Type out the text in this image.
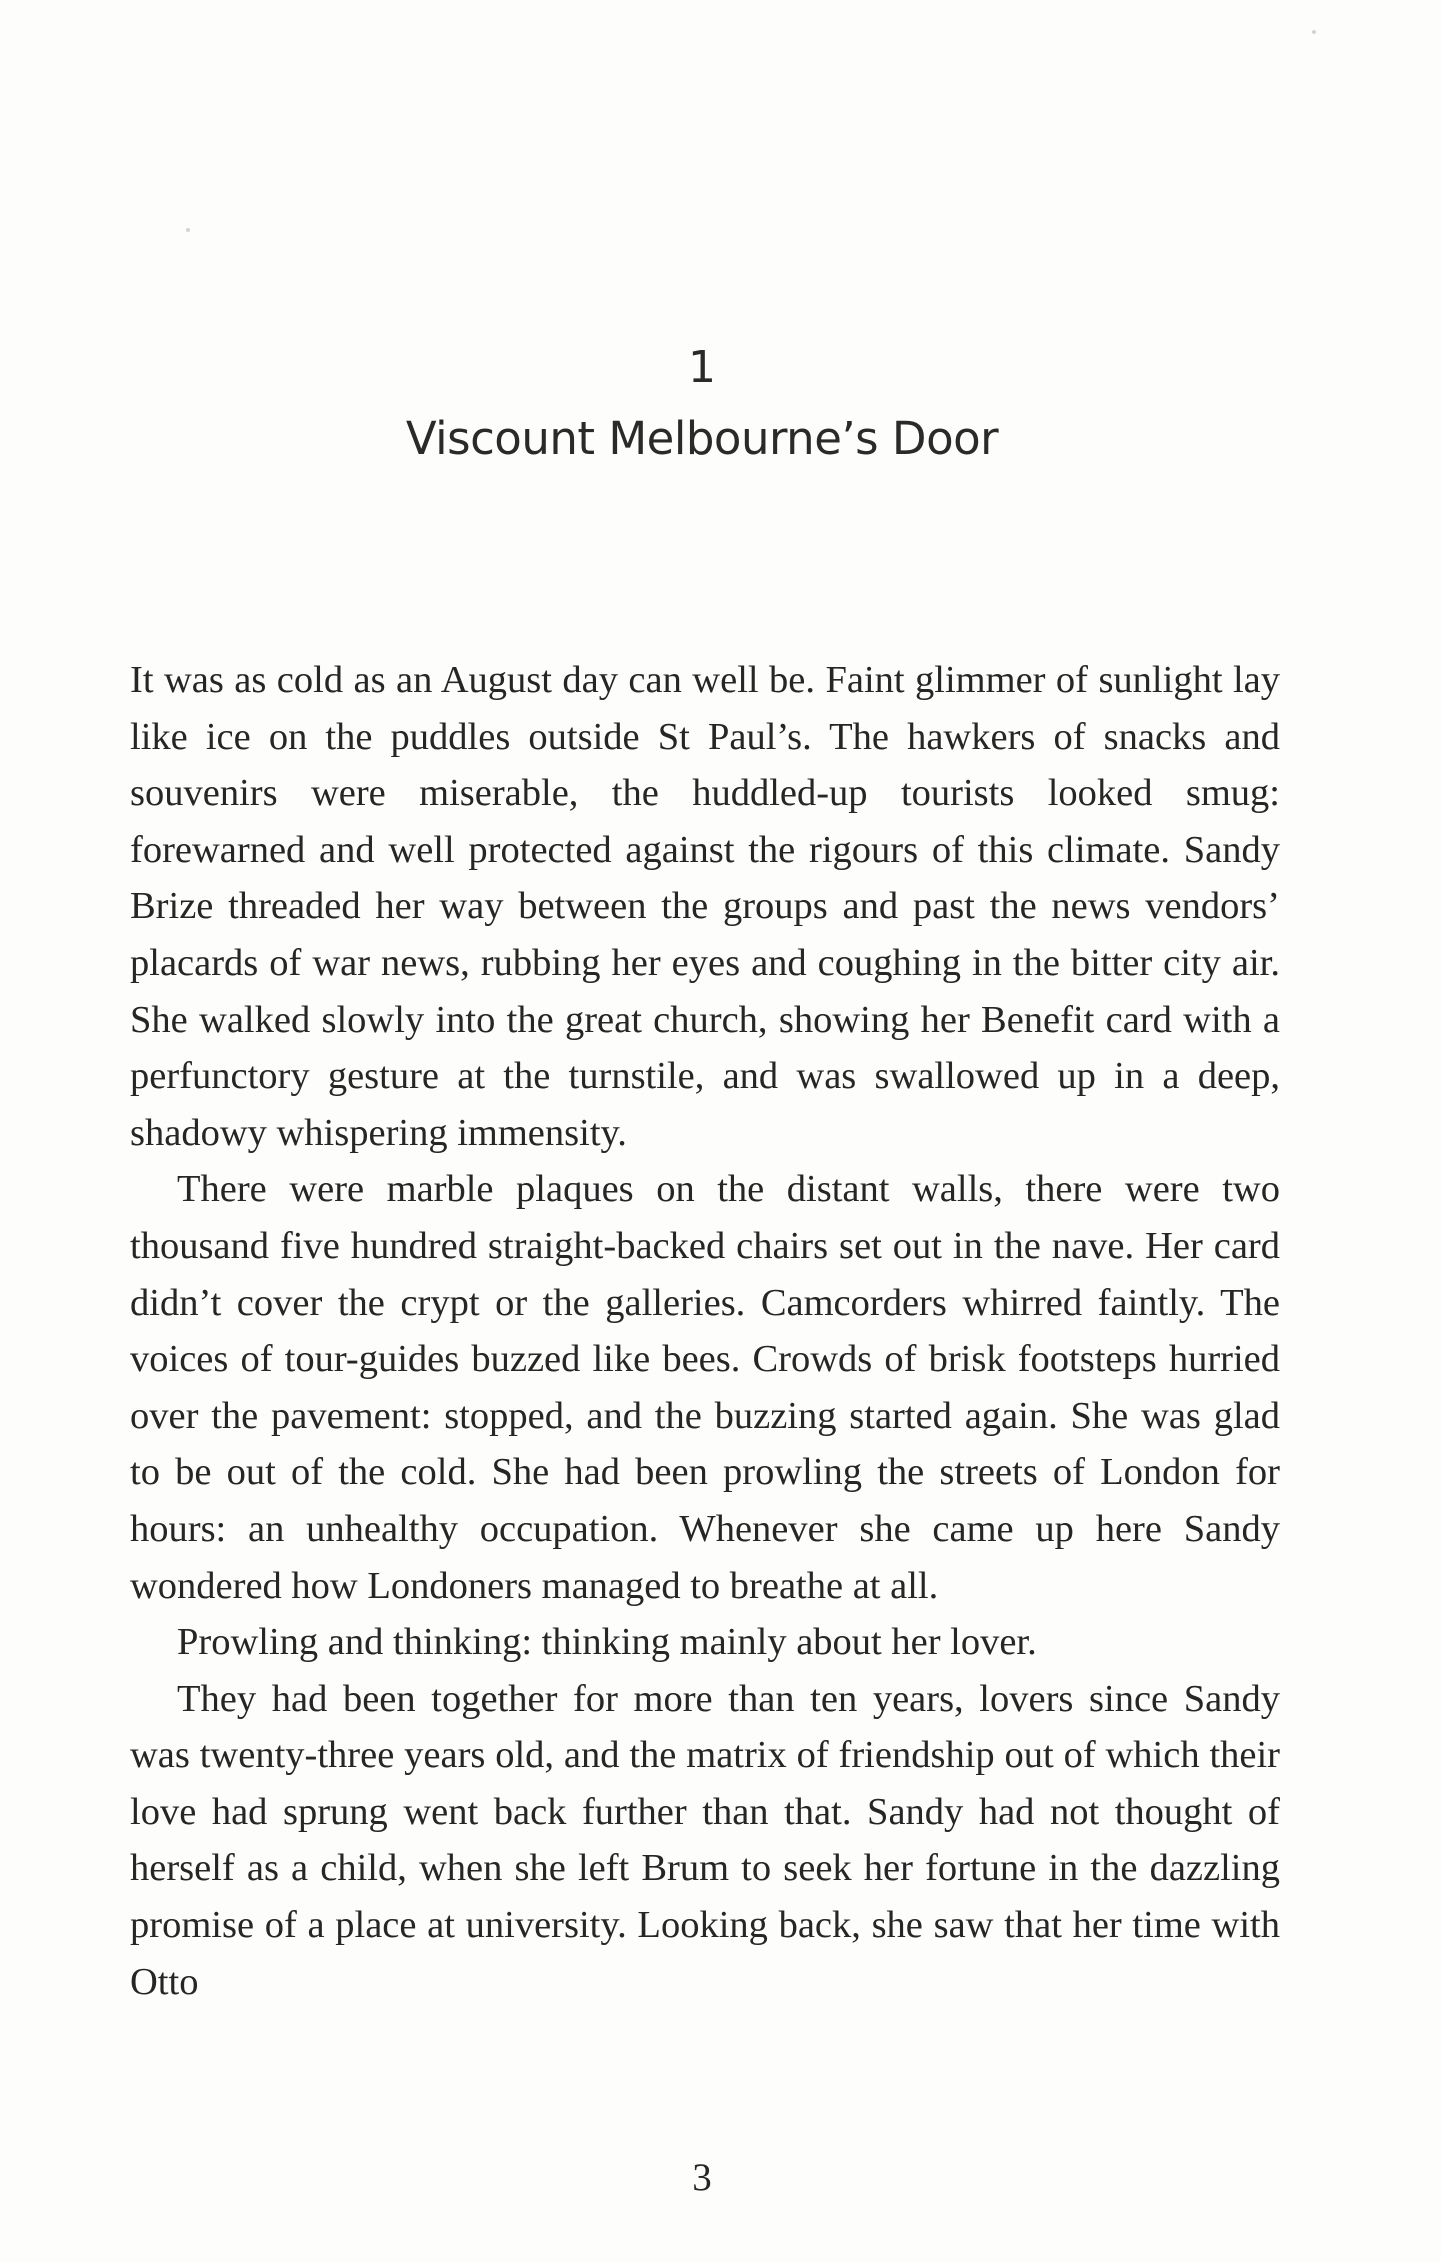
1
Viscount Melbourne’s Door

It was as cold as an August day can well be. Faint glimmer of sunlight lay like ice on the puddles outside St Paul’s. The hawkers of snacks and souvenirs were miserable, the huddled-up tourists looked smug: forewarned and well protected against the rigours of this climate. Sandy Brize threaded her way between the groups and past the news vendors’ placards of war news, rubbing her eyes and coughing in the bitter city air. She walked slowly into the great church, showing her Benefit card with a perfunctory gesture at the turnstile, and was swallowed up in a deep, shadowy whispering immensity.

There were marble plaques on the distant walls, there were two thousand five hundred straight-backed chairs set out in the nave. Her card didn’t cover the crypt or the galleries. Camcorders whirred faintly. The voices of tour-guides buzzed like bees. Crowds of brisk footsteps hurried over the pavement: stopped, and the buzzing started again. She was glad to be out of the cold. She had been prowling the streets of London for hours: an unhealthy occupation. Whenever she came up here Sandy wondered how Londoners managed to breathe at all.

Prowling and thinking: thinking mainly about her lover.

They had been together for more than ten years, lovers since Sandy was twenty-three years old, and the matrix of friendship out of which their love had sprung went back further than that. Sandy had not thought of herself as a child, when she left Brum to seek her fortune in the dazzling promise of a place at university. Looking back, she saw that her time with Otto

3
